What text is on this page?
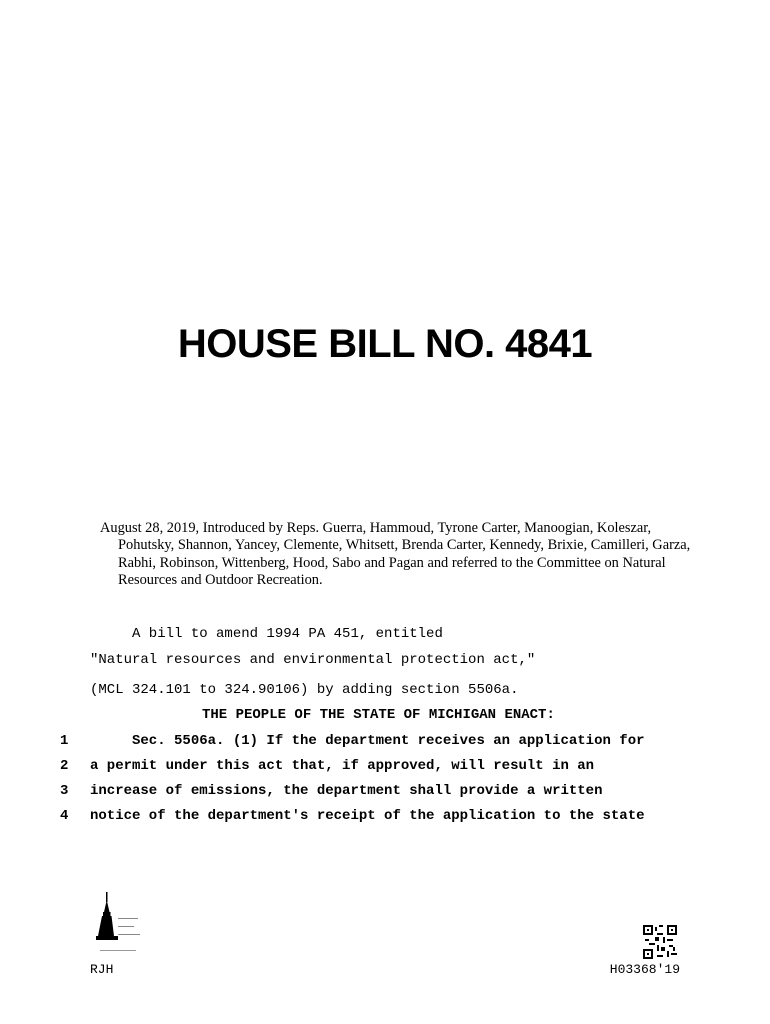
HOUSE BILL NO. 4841

August 28, 2019, Introduced by Reps. Guerra, Hammoud, Tyrone Carter, Manoogian, Koleszar, Pohutsky, Shannon, Yancey, Clemente, Whitsett, Brenda Carter, Kennedy, Brixie, Camilleri, Garza, Rabhi, Robinson, Wittenberg, Hood, Sabo and Pagan and referred to the Committee on Natural Resources and Outdoor Recreation.

A bill to amend 1994 PA 451, entitled

"Natural resources and environmental protection act,"

(MCL 324.101 to 324.90106) by adding section 5506a.

THE PEOPLE OF THE STATE OF MICHIGAN ENACT:

1 Sec. 5506a. (1) If the department receives an application for

2 a permit under this act that, if approved, will result in an

3 increase of emissions, the department shall provide a written

4 notice of the department's receipt of the application to the state

RJH	H03368'19
